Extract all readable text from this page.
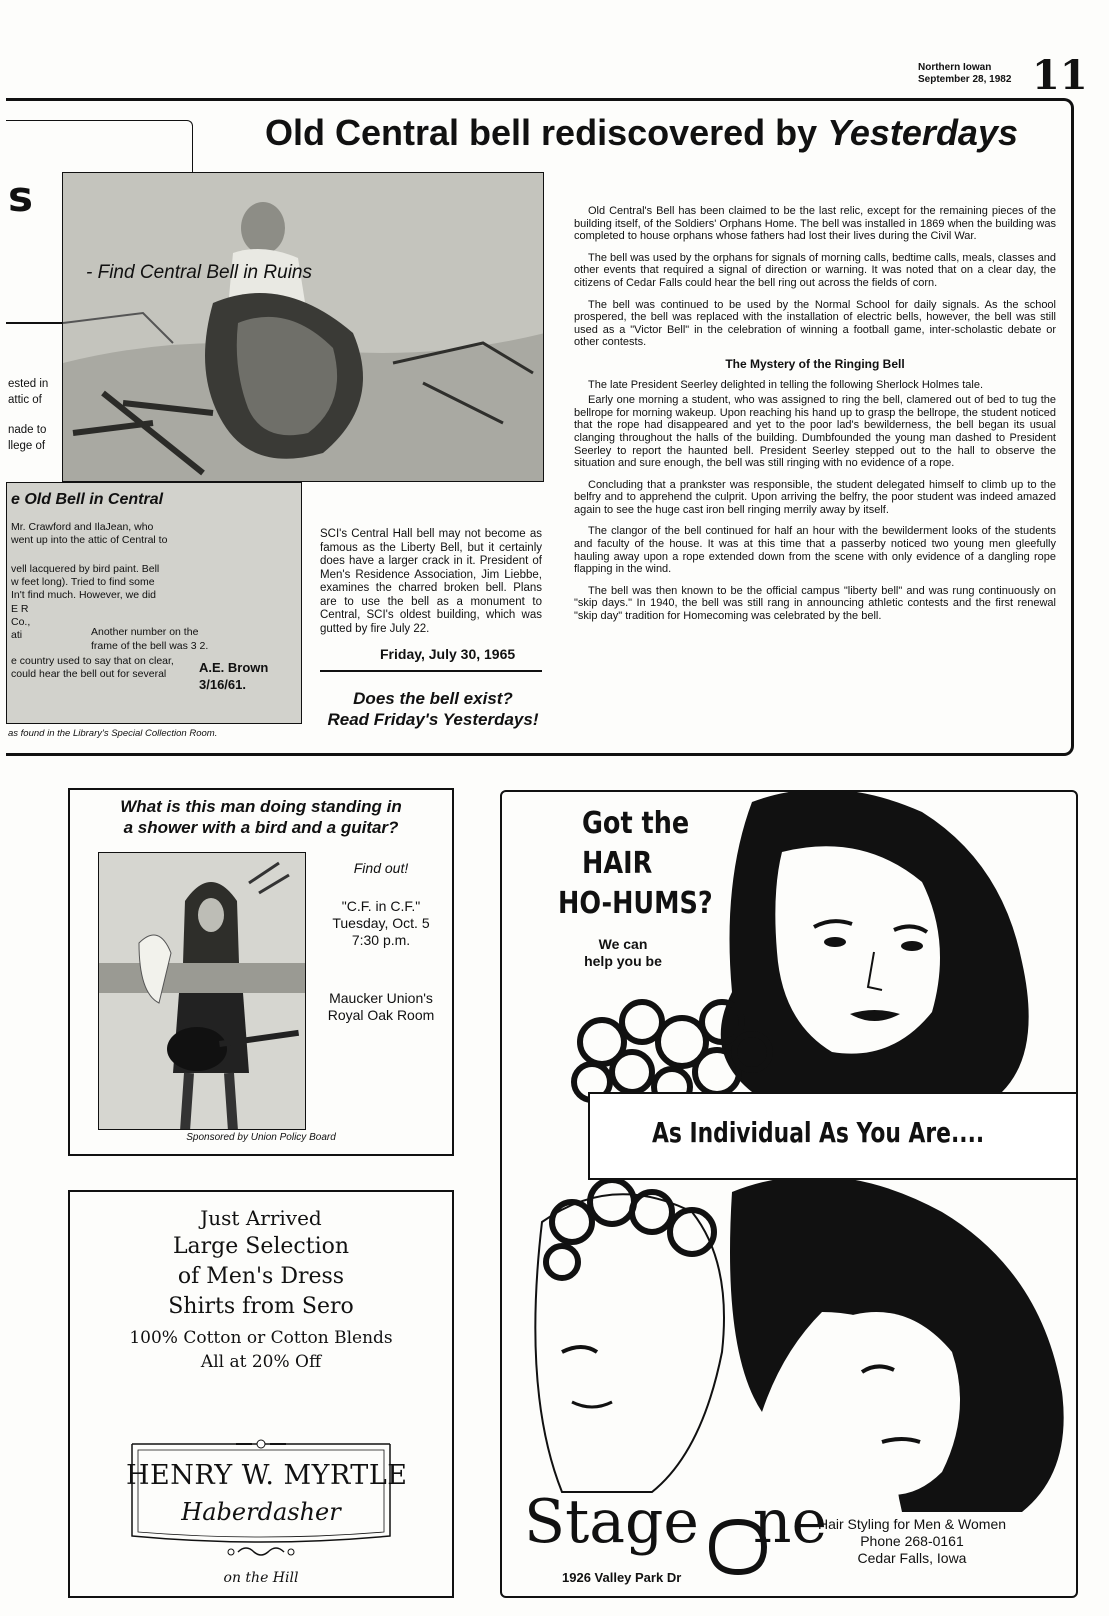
Northern Iowan
September 28, 1982 11
Old Central bell rediscovered by Yesterdays
s
ested in
attic of
nade to
llege of
- Find Central Bell in Ruins
e Old Bell in Central
Mr. Crawford and IlaJean, who
went up into the attic of Central to
vell lacquered by bird paint. Bell
w feet long). Tried to find some
In't find much. However, we did
E R
Co.,
ati
e country used to say that on clear,
could hear the bell out for several
Another number on the
frame of the bell was 3 2.
A.E. Brown
3/16/61.
as found in the Library's Special Collection Room.
SCI's Central Hall bell may not become as famous as the Liberty Bell, but it certainly does have a larger crack in it. President of Men's Residence Association, Jim Liebbe, examines the charred broken bell. Plans are to use the bell as a monument to Central, SCI's oldest building, which was gutted by fire July 22.
Friday, July 30, 1965
Does the bell exist?
Read Friday's Yesterdays!

Old Central's Bell has been claimed to be the last relic, except for the remaining pieces of the building itself, of the Soldiers' Orphans Home. The bell was installed in 1869 when the building was completed to house orphans whose fathers had lost their lives during the Civil War.

The bell was used by the orphans for signals of morning calls, bedtime calls, meals, classes and other events that required a signal of direction or warning. It was noted that on a clear day, the citizens of Cedar Falls could hear the bell ring out across the fields of corn.

The bell was continued to be used by the Normal School for daily signals. As the school prospered, the bell was replaced with the installation of electric bells, however, the bell was still used as a "Victor Bell" in the celebration of winning a football game, inter-scholastic debate or other contests.

The Mystery of the Ringing Bell

The late President Seerley delighted in telling the following Sherlock Holmes tale.

Early one morning a student, who was assigned to ring the bell, clamered out of bed to tug the bellrope for morning wakeup. Upon reaching his hand up to grasp the bellrope, the student noticed that the rope had disappeared and yet to the poor lad's bewilderness, the bell began its usual clanging throughout the halls of the building. Dumbfounded the young man dashed to President Seerley to report the haunted bell. President Seerley stepped out to the hall to observe the situation and sure enough, the bell was still ringing with no evidence of a rope.

Concluding that a prankster was responsible, the student delegated himself to climb up to the belfry and to apprehend the culprit. Upon arriving the belfry, the poor student was indeed amazed again to see the huge cast iron bell ringing merrily away by itself.

The clangor of the bell continued for half an hour with the bewilderment looks of the students and faculty of the house. It was at this time that a passerby noticed two young men gleefully hauling away upon a rope extended down from the scene with only evidence of a dangling rope flapping in the wind.

The bell was then known to be the official campus "liberty bell" and was rung continuously on "skip days." In 1940, the bell was still rang in announcing athletic contests and the first renewal "skip day" tradition for Homecoming was celebrated by the bell.

What is this man doing standing in
a shower with a bird and a guitar?
Find out!
"C.F. in C.F."
Tuesday, Oct. 5
7:30 p.m.
Maucker Union's
Royal Oak Room
Sponsored by Union Policy Board
Just Arrived
Large Selection
of Men's Dress
Shirts from Sero
100% Cotton or Cotton Blends
All at 20% Off
HENRY W. MYRTLE
Haberdasher
on the Hill
Got the
HAIR
HO-HUMS?
We can
help you be
As Individual As You Are....
Stage ne
Hair Styling for Men & Women
Phone 268-0161
Cedar Falls, Iowa
1926 Valley Park Dr
